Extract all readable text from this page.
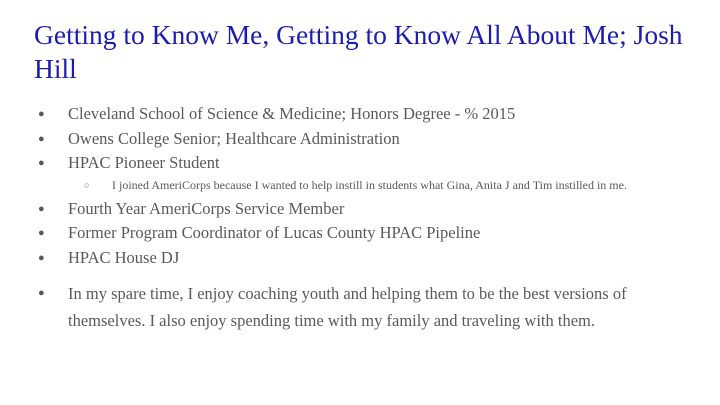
Getting to Know Me, Getting to Know All About Me; Josh Hill
●	Cleveland School of Science & Medicine; Honors Degree - % 2015
●	Owens College Senior; Healthcare Administration
●	HPAC Pioneer Student
○	I joined AmeriCorps because I wanted to help instill in students what Gina, Anita J and Tim instilled in me.
●	Fourth Year AmeriCorps Service Member
●	Former Program Coordinator of Lucas County HPAC Pipeline
●	HPAC House DJ
●	In my spare time, I enjoy coaching youth and helping them to be the best versions of themselves. I also enjoy spending time with my family and traveling with them.
